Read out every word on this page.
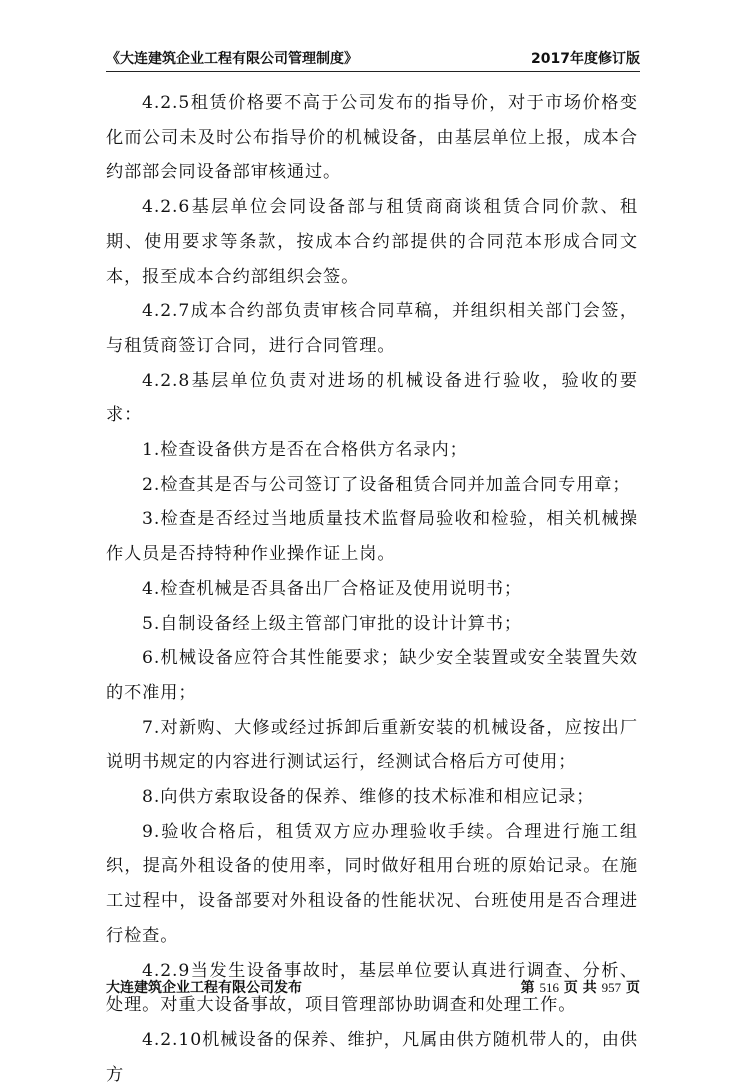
《大连建筑企业工程有限公司管理制度》	2017年度修订版

4.2.5租赁价格要不高于公司发布的指导价，对于市场价格变化而公司未及时公布指导价的机械设备，由基层单位上报，成本合约部部会同设备部审核通过。

4.2.6基层单位会同设备部与租赁商商谈租赁合同价款、租期、使用要求等条款，按成本合约部提供的合同范本形成合同文本，报至成本合约部组织会签。

4.2.7成本合约部负责审核合同草稿，并组织相关部门会签，与租赁商签订合同，进行合同管理。

4.2.8基层单位负责对进场的机械设备进行验收，验收的要求：

1.检查设备供方是否在合格供方名录内；

2.检查其是否与公司签订了设备租赁合同并加盖合同专用章；

3.检查是否经过当地质量技术监督局验收和检验，相关机械操作人员是否持特种作业操作证上岗。

4.检查机械是否具备出厂合格证及使用说明书；

5.自制设备经上级主管部门审批的设计计算书；

6.机械设备应符合其性能要求；缺少安全装置或安全装置失效的不准用；

7.对新购、大修或经过拆卸后重新安装的机械设备，应按出厂说明书规定的内容进行测试运行，经测试合格后方可使用；

8.向供方索取设备的保养、维修的技术标准和相应记录；

9.验收合格后，租赁双方应办理验收手续。合理进行施工组织，提高外租设备的使用率，同时做好租用台班的原始记录。在施工过程中，设备部要对外租设备的性能状况、台班使用是否合理进行检查。

4.2.9当发生设备事故时，基层单位要认真进行调查、分析、处理。对重大设备事故，项目管理部协助调查和处理工作。

4.2.10机械设备的保养、维护，凡属由供方随机带人的，由供方

大连建筑企业工程有限公司发布	第 516 页 共 957 页
